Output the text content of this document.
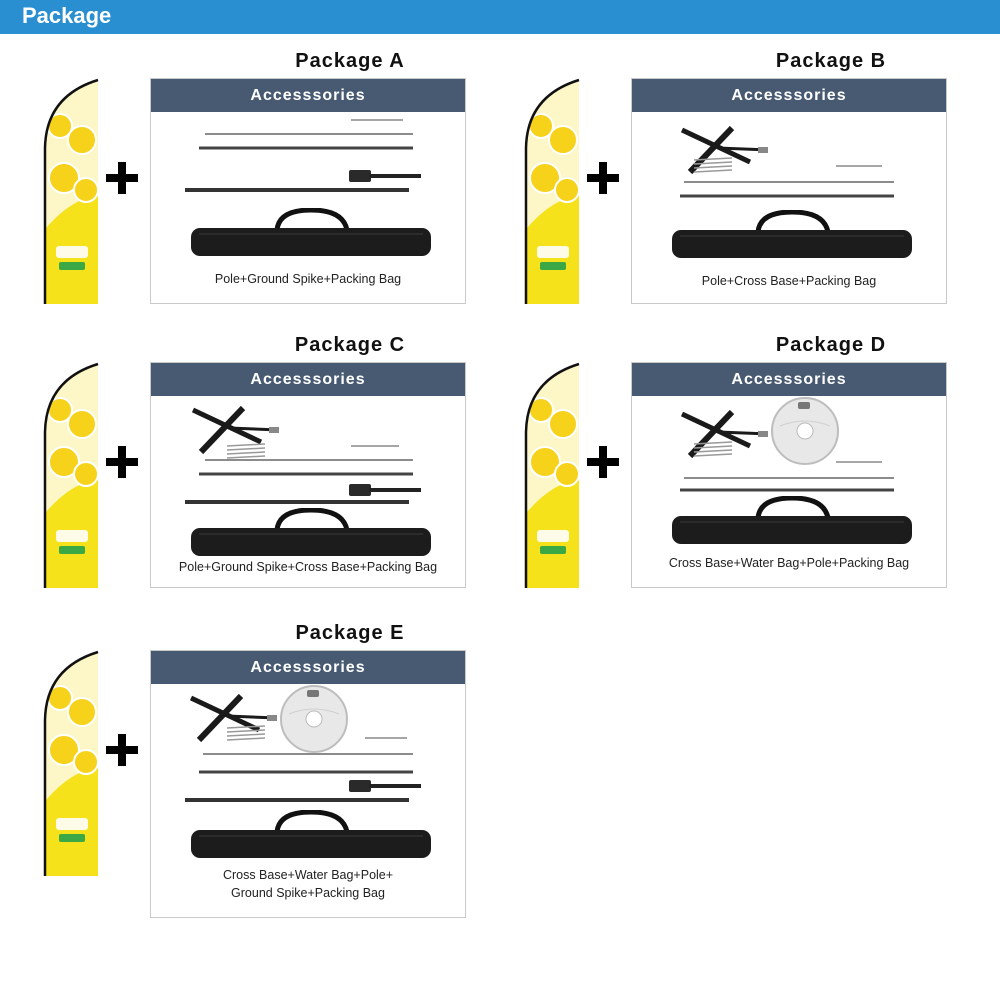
Package
Package A
Accesssories
Pole+Ground Spike+Packing Bag
Package B
Accesssories
Pole+Cross Base+Packing Bag
Package C
Accesssories
Pole+Ground Spike+Cross Base+Packing Bag
Package D
Accesssories
Cross Base+Water Bag+Pole+Packing Bag
Package E
Accesssories
Cross Base+Water Bag+Pole+
Ground Spike+Packing Bag
